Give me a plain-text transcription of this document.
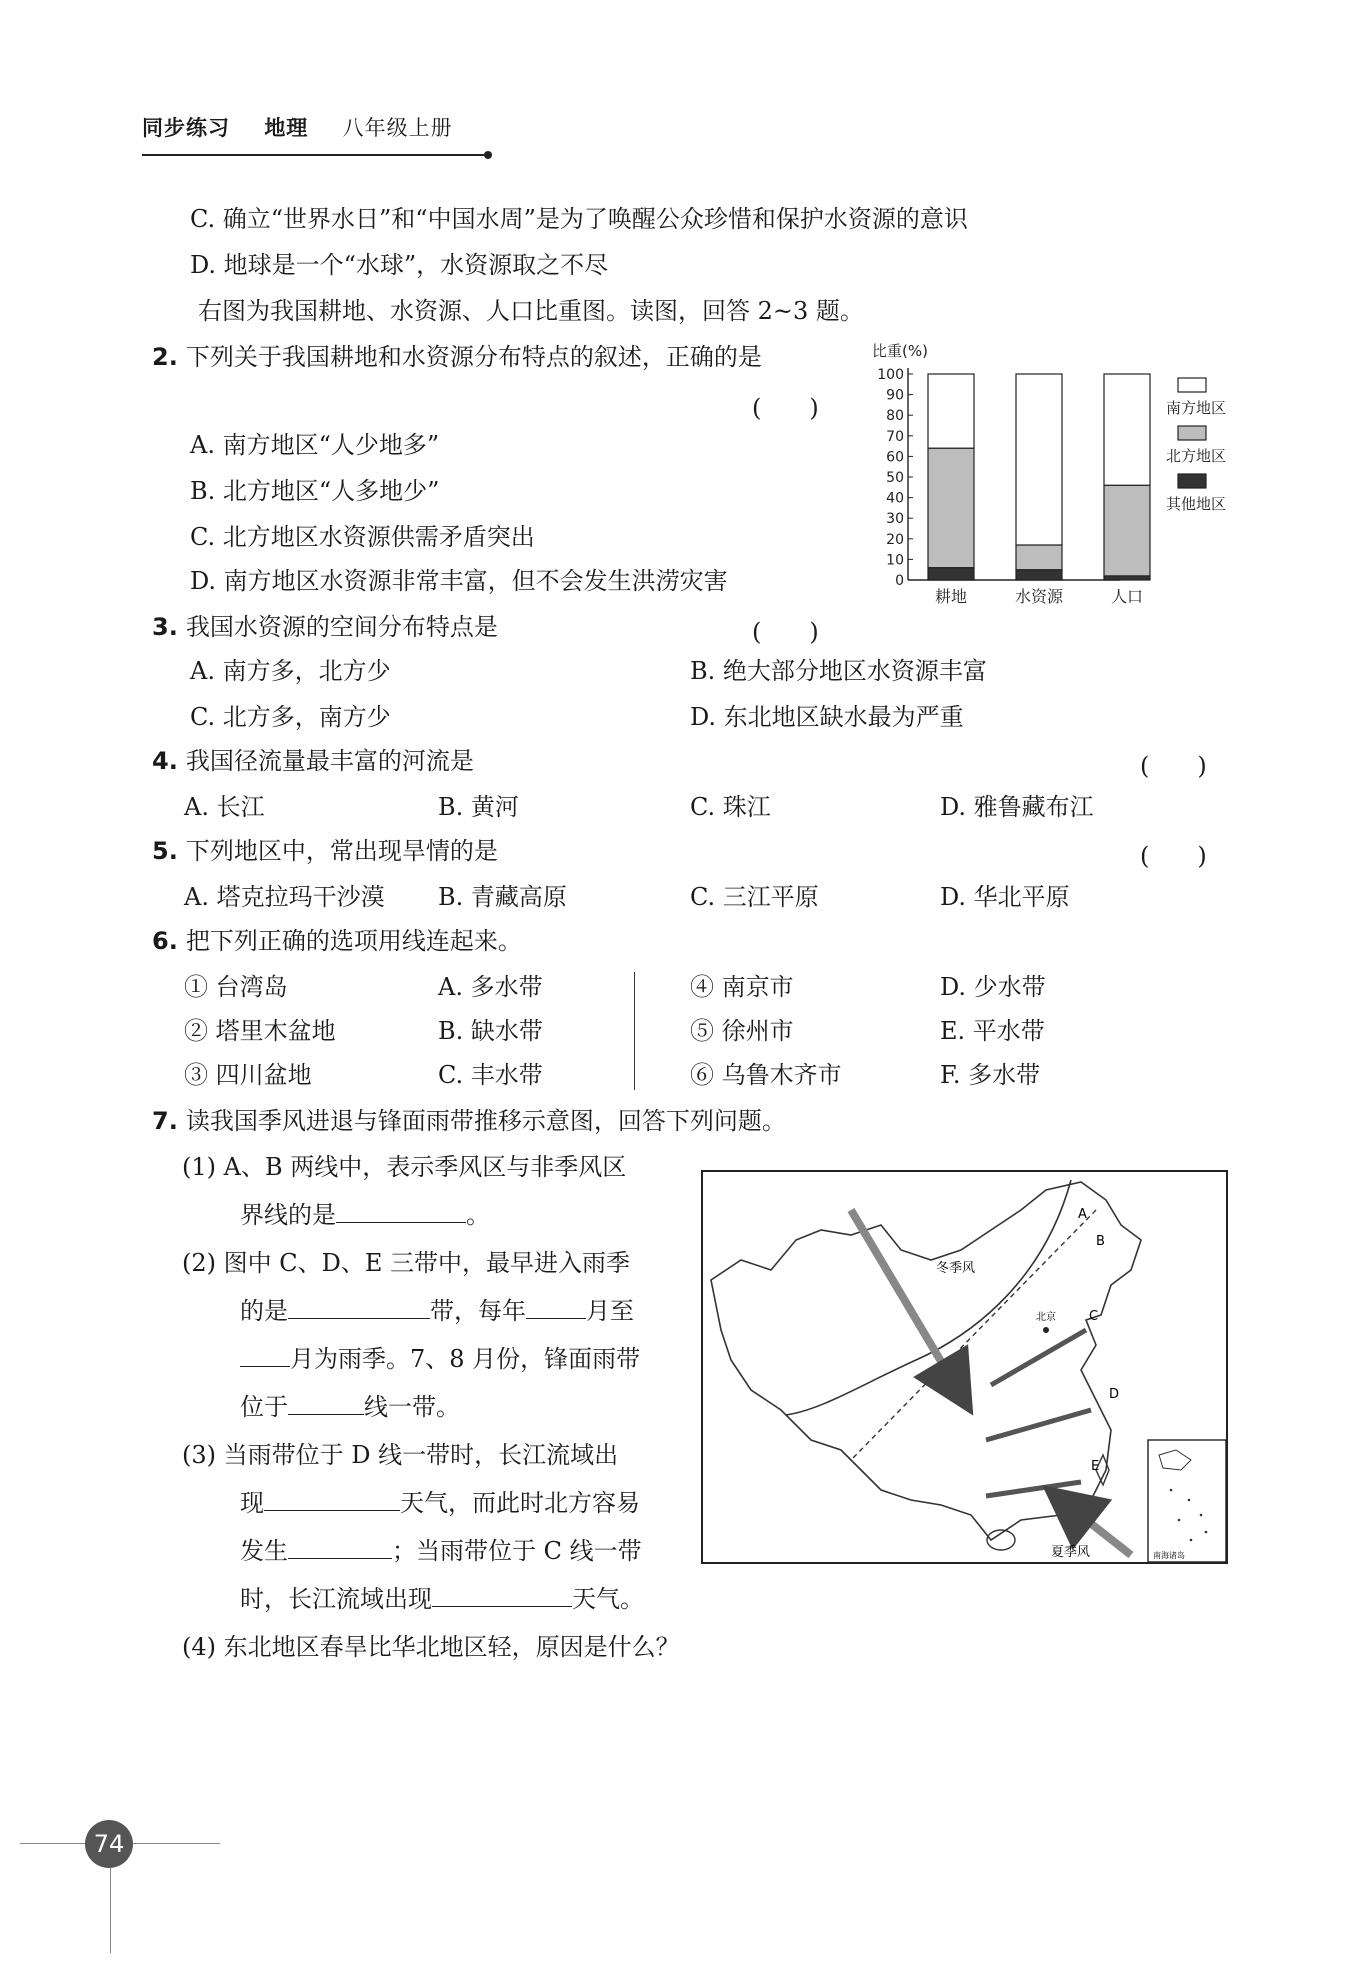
同步练习 地理 八年级上册
C. 确立“世界水日”和“中国水周”是为了唤醒公众珍惜和保护水资源的意识
D. 地球是一个“水球”，水资源取之不尽
右图为我国耕地、水资源、人口比重图。读图，回答 2~3 题。
2. 下列关于我国耕地和水资源分布特点的叙述，正确的是
(　　)
A. 南方地区“人少地多”
B. 北方地区“人多地少”
C. 北方地区水资源供需矛盾突出
D. 南方地区水资源非常丰富，但不会发生洪涝灾害
比重(%)
0
10
20
30
40
50
60
70
80
90
100
耕地	水资源	人口
南方地区
北方地区
其他地区
3. 我国水资源的空间分布特点是	(　　)
A. 南方多，北方少	B. 绝大部分地区水资源丰富
C. 北方多，南方少	D. 东北地区缺水最为严重
4. 我国径流量最丰富的河流是	(　　)
A. 长江	B. 黄河	C. 珠江	D. 雅鲁藏布江
5. 下列地区中，常出现旱情的是	(　　)
A. 塔克拉玛干沙漠 B. 青藏高原	C. 三江平原	D. 华北平原
6. 把下列正确的选项用线连起来。
① 台湾岛	A. 多水带	④ 南京市	D. 少水带
② 塔里木盆地	B. 缺水带	⑤ 徐州市	E. 平水带
③ 四川盆地	C. 丰水带	⑥ 乌鲁木齐市	F. 多水带
7. 读我国季风进退与锋面雨带推移示意图，回答下列问题。
(1) A、B 两线中，表示季风区与非季风区
界线的是	。
(2) 图中 C、D、E 三带中，最早进入雨季
的是	带，每年	月至
月为雨季。7、8 月份，锋面雨带
位于	线一带。
(3) 当雨带位于 D 线一带时，长江流域出
现	天气，而此时北方容易
发生	；当雨带位于 C 线一带
时，长江流域出现	天气。
(4) 东北地区春旱比华北地区轻，原因是什么？
冬季风
夏季风
北京
A
B
C
D
E
南海诸岛
74
